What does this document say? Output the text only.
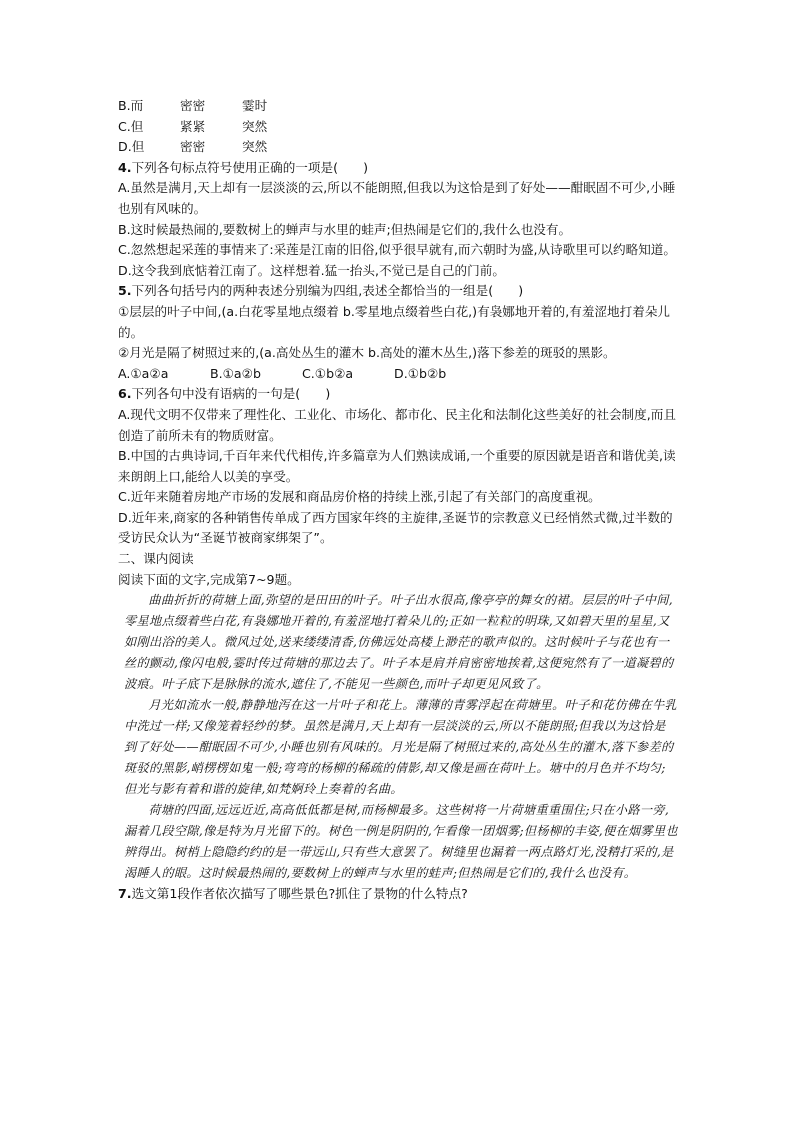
B.而	密密	霎时

C.但	紧紧	突然

D.但	密密	突然

4.下列各句标点符号使用正确的一项是(　　)

A.虽然是满月,天上却有一层淡淡的云,所以不能朗照,但我以为这恰是到了好处——酣眠固不可少,小睡也别有风味的。

B.这时候最热闹的,要数树上的蝉声与水里的蛙声;但热闹是它们的,我什么也没有。

C.忽然想起采莲的事情来了:采莲是江南的旧俗,似乎很早就有,而六朝时为盛,从诗歌里可以约略知道。

D.这令我到底惦着江南了。这样想着.猛一抬头,不觉已是自己的门前。

5.下列各句括号内的两种表述分别编为四组,表述全都恰当的一组是(　　)

①层层的叶子中间,(a.白花零星地点缀着 b.零星地点缀着些白花,)有袅娜地开着的,有羞涩地打着朵儿的。

②月光是隔了树照过来的,(a.高处丛生的灌木 b.高处的灌木丛生,)落下参差的斑驳的黑影。

A.①a②a	B.①a②b	C.①b②a	D.①b②b

6.下列各句中没有语病的一句是(　　)

A.现代文明不仅带来了理性化、工业化、市场化、都市化、民主化和法制化这些美好的社会制度,而且创造了前所未有的物质财富。

B.中国的古典诗词,千百年来代代相传,许多篇章为人们熟读成诵,一个重要的原因就是语音和谐优美,读来朗朗上口,能给人以美的享受。

C.近年来随着房地产市场的发展和商品房价格的持续上涨,引起了有关部门的高度重视。

D.近年来,商家的各种销售传单成了西方国家年终的主旋律,圣诞节的宗教意义已经悄然式微,过半数的受访民众认为“圣诞节被商家绑架了”。

二、课内阅读

阅读下面的文字,完成第7~9题。

曲曲折折的荷塘上面,弥望的是田田的叶子。叶子出水很高,像亭亭的舞女的裙。层层的叶子中间,零星地点缀着些白花,有袅娜地开着的,有羞涩地打着朵儿的;正如一粒粒的明珠,又如碧天里的星星,又如刚出浴的美人。微风过处,送来缕缕清香,仿佛远处高楼上渺茫的歌声似的。这时候叶子与花也有一丝的颤动,像闪电般,霎时传过荷塘的那边去了。叶子本是肩并肩密密地挨着,这便宛然有了一道凝碧的波痕。叶子底下是脉脉的流水,遮住了,不能见一些颜色,而叶子却更见风致了。

月光如流水一般,静静地泻在这一片叶子和花上。薄薄的青雾浮起在荷塘里。叶子和花仿佛在牛乳中洗过一样;又像笼着轻纱的梦。虽然是满月,天上却有一层淡淡的云,所以不能朗照;但我以为这恰是到了好处——酣眠固不可少,小睡也别有风味的。月光是隔了树照过来的,高处丛生的灌木,落下参差的斑驳的黑影,峭楞楞如鬼一般;弯弯的杨柳的稀疏的倩影,却又像是画在荷叶上。塘中的月色并不均匀;但光与影有着和谐的旋律,如梵婀玲上奏着的名曲。

荷塘的四面,远远近近,高高低低都是树,而杨柳最多。这些树将一片荷塘重重围住;只在小路一旁,漏着几段空隙,像是特为月光留下的。树色一例是阴阴的,乍看像一团烟雾;但杨柳的丰姿,便在烟雾里也辨得出。树梢上隐隐约约的是一带远山,只有些大意罢了。树缝里也漏着一两点路灯光,没精打采的,是渴睡人的眼。这时候最热闹的,要数树上的蝉声与水里的蛙声;但热闹是它们的,我什么也没有。

7.选文第1段作者依次描写了哪些景色?抓住了景物的什么特点?
